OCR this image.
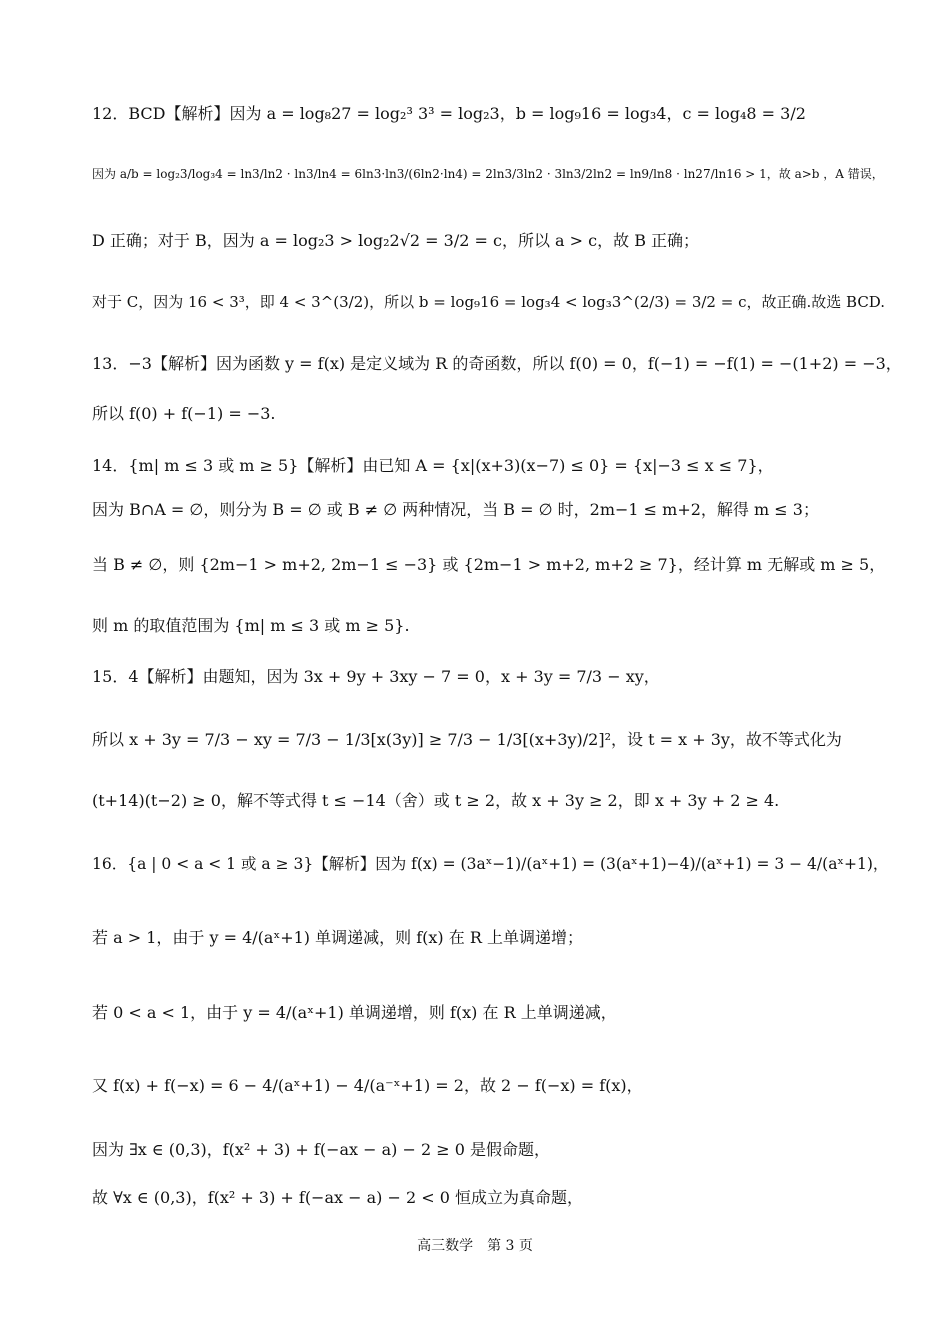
12．BCD【解析】因为 a = log₈27 = log₂³ 3³ = log₂3，b = log₉16 = log₃4，c = log₄8 = 3/2
因为 a/b = log₂3/log₃4 = ln3/ln2 · ln3/ln4 = 6ln3·ln3/(6ln2·ln4) = 2ln3/3ln2 · 3ln3/2ln2 = ln9/ln8 · ln27/ln16 > 1，故 a>b ，A 错误，
D 正确；对于 B，因为 a = log₂3 > log₂2√2 = 3/2 = c，所以 a > c，故 B 正确；
对于 C，因为 16 < 3³，即 4 < 3^(3/2)，所以 b = log₉16 = log₃4 < log₃3^(2/3) = 3/2 = c，故正确.故选 BCD.
13．−3【解析】因为函数 y = f(x) 是定义域为 R 的奇函数，所以 f(0) = 0，f(−1) = −f(1) = −(1+2) = −3，
所以 f(0) + f(−1) = −3.
14．{m| m ≤ 3 或 m ≥ 5}【解析】由已知 A = {x|(x+3)(x−7) ≤ 0} = {x|−3 ≤ x ≤ 7}，
因为 B∩A = ∅，则分为 B = ∅ 或 B ≠ ∅ 两种情况，当 B = ∅ 时，2m−1 ≤ m+2，解得 m ≤ 3；
当 B ≠ ∅，则 {2m−1 > m+2, 2m−1 ≤ −3} 或 {2m−1 > m+2, m+2 ≥ 7}，经计算 m 无解或 m ≥ 5，
则 m 的取值范围为 {m| m ≤ 3 或 m ≥ 5}.
15．4【解析】由题知，因为 3x + 9y + 3xy − 7 = 0，x + 3y = 7/3 − xy，
所以 x + 3y = 7/3 − xy = 7/3 − 1/3[x(3y)] ≥ 7/3 − 1/3[(x+3y)/2]²，设 t = x + 3y，故不等式化为
(t+14)(t−2) ≥ 0，解不等式得 t ≤ −14（舍）或 t ≥ 2，故 x + 3y ≥ 2，即 x + 3y + 2 ≥ 4.
16．{a | 0 < a < 1 或 a ≥ 3}【解析】因为 f(x) = (3aˣ−1)/(aˣ+1) = (3(aˣ+1)−4)/(aˣ+1) = 3 − 4/(aˣ+1)，
若 a > 1，由于 y = 4/(aˣ+1) 单调递减，则 f(x) 在 R 上单调递增；
若 0 < a < 1，由于 y = 4/(aˣ+1) 单调递增，则 f(x) 在 R 上单调递减，
又 f(x) + f(−x) = 6 − 4/(aˣ+1) − 4/(a⁻ˣ+1) = 2，故 2 − f(−x) = f(x)，
因为 ∃x ∈ (0,3)，f(x² + 3) + f(−ax − a) − 2 ≥ 0 是假命题，
故 ∀x ∈ (0,3)，f(x² + 3) + f(−ax − a) − 2 < 0 恒成立为真命题，
高三数学　第 3 页
